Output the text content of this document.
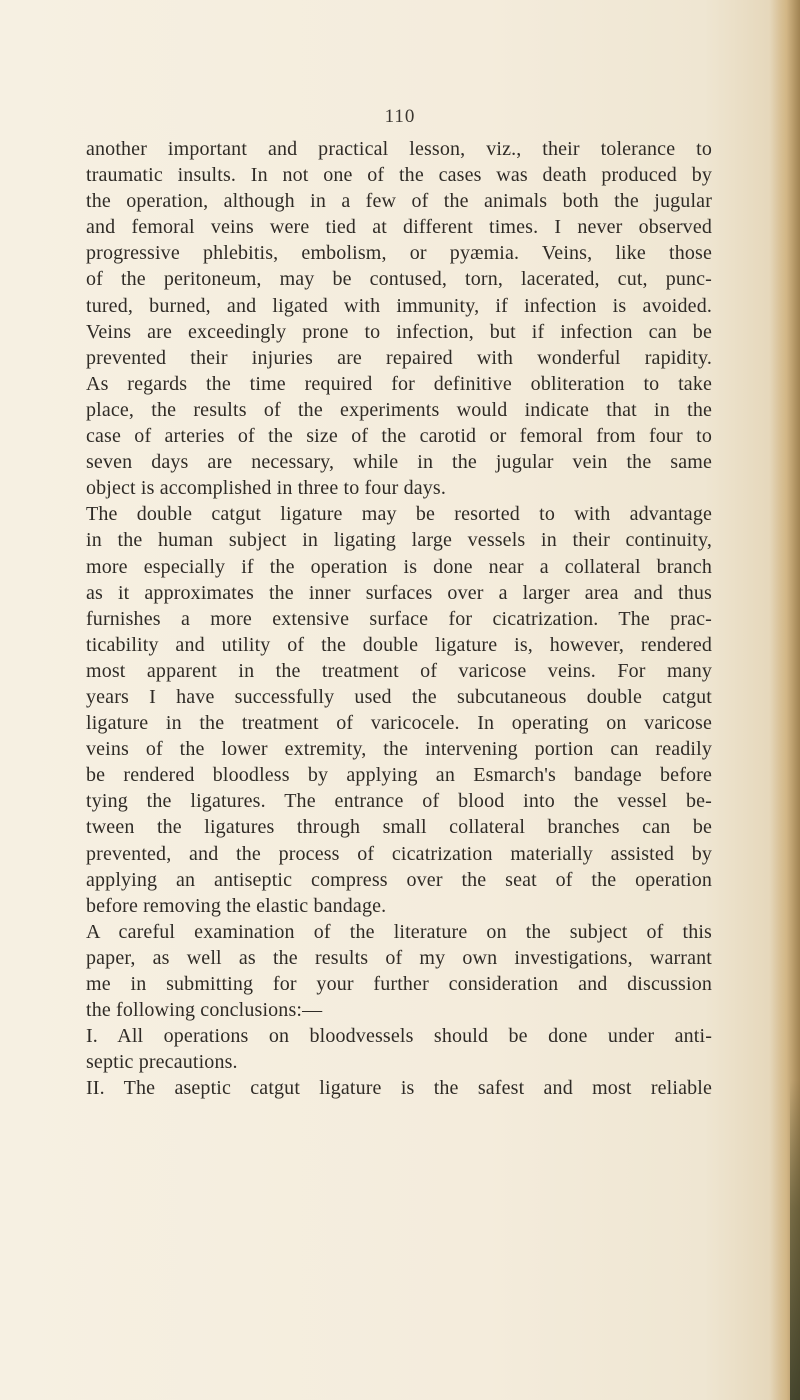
110
another important and practical lesson, viz., their tolerance to
traumatic insults. In not one of the cases was death produced by
the operation, although in a few of the animals both the jugular
and femoral veins were tied at different times. I never observed
progressive phlebitis, embolism, or pyæmia. Veins, like those
of the peritoneum, may be contused, torn, lacerated, cut, punc-
tured, burned, and ligated with immunity, if infection is avoided.
Veins are exceedingly prone to infection, but if infection can be
prevented their injuries are repaired with wonderful rapidity.
As regards the time required for definitive obliteration to take
place, the results of the experiments would indicate that in the
case of arteries of the size of the carotid or femoral from four to
seven days are necessary, while in the jugular vein the same
object is accomplished in three to four days.
The double catgut ligature may be resorted to with advantage
in the human subject in ligating large vessels in their continuity,
more especially if the operation is done near a collateral branch
as it approximates the inner surfaces over a larger area and thus
furnishes a more extensive surface for cicatrization. The prac-
ticability and utility of the double ligature is, however, rendered
most apparent in the treatment of varicose veins. For many
years I have successfully used the subcutaneous double catgut
ligature in the treatment of varicocele. In operating on varicose
veins of the lower extremity, the intervening portion can readily
be rendered bloodless by applying an Esmarch's bandage before
tying the ligatures. The entrance of blood into the vessel be-
tween the ligatures through small collateral branches can be
prevented, and the process of cicatrization materially assisted by
applying an antiseptic compress over the seat of the operation
before removing the elastic bandage.
A careful examination of the literature on the subject of this
paper, as well as the results of my own investigations, warrant
me in submitting for your further consideration and discussion
the following conclusions:—
I. All operations on bloodvessels should be done under anti-
septic precautions.
II. The aseptic catgut ligature is the safest and most reliable
